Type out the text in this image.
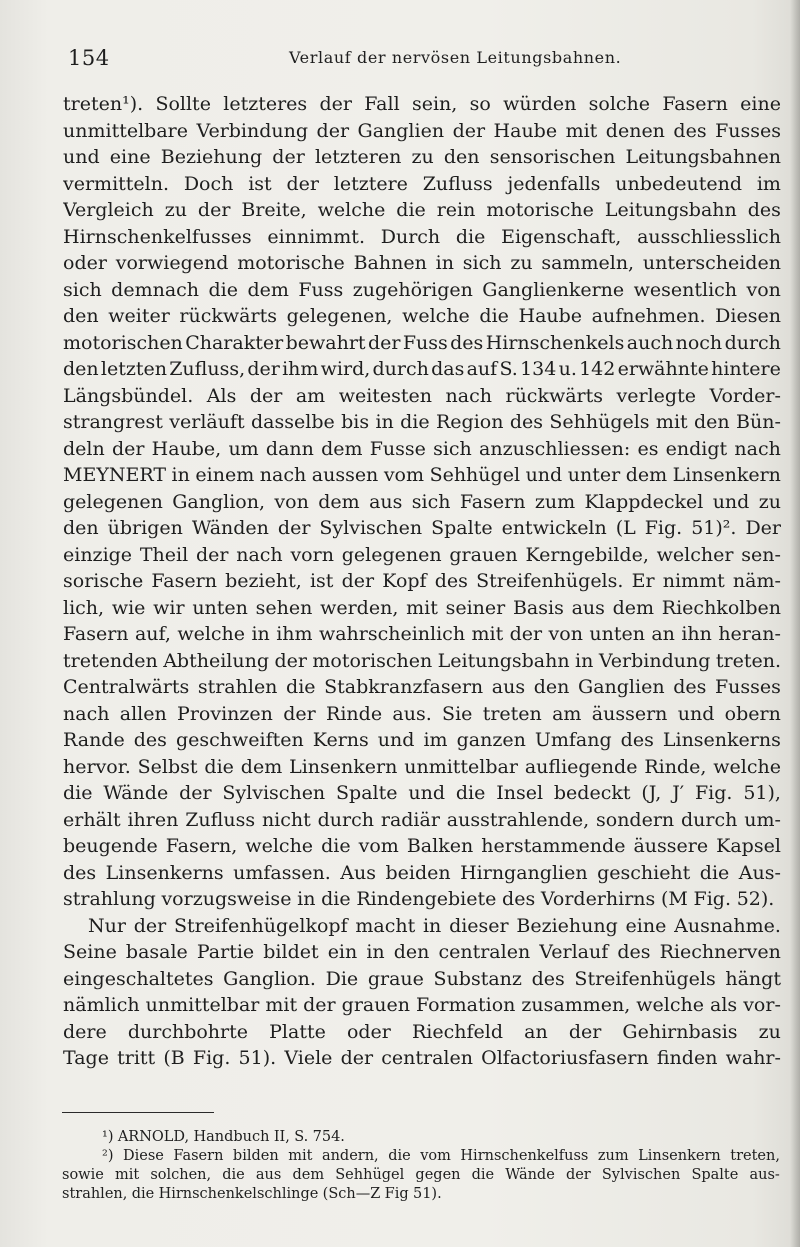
154	Verlauf der nervösen Leitungsbahnen.
treten¹). Sollte letzteres der Fall sein, so würden solche Fasern eine
unmittelbare Verbindung der Ganglien der Haube mit denen des Fusses
und eine Beziehung der letzteren zu den sensorischen Leitungsbahnen
vermitteln. Doch ist der letztere Zufluss jedenfalls unbedeutend im
Vergleich zu der Breite, welche die rein motorische Leitungsbahn des
Hirnschenkelfusses einnimmt. Durch die Eigenschaft, ausschliesslich
oder vorwiegend motorische Bahnen in sich zu sammeln, unterscheiden
sich demnach die dem Fuss zugehörigen Ganglienkerne wesentlich von
den weiter rückwärts gelegenen, welche die Haube aufnehmen. Diesen
motorischen Charakter bewahrt der Fuss des Hirnschenkels auch noch durch
den letzten Zufluss, der ihm wird, durch das auf S. 134 u. 142 erwähnte hintere
Längsbündel. Als der am weitesten nach rückwärts verlegte Vorder-
strangrest verläuft dasselbe bis in die Region des Sehhügels mit den Bün-
deln der Haube, um dann dem Fusse sich anzuschliessen: es endigt nach
MEYNERT in einem nach aussen vom Sehhügel und unter dem Linsenkern
gelegenen Ganglion, von dem aus sich Fasern zum Klappdeckel und zu
den übrigen Wänden der Sylvischen Spalte entwickeln (L Fig. 51)². Der
einzige Theil der nach vorn gelegenen grauen Kerngebilde, welcher sen-
sorische Fasern bezieht, ist der Kopf des Streifenhügels. Er nimmt näm-
lich, wie wir unten sehen werden, mit seiner Basis aus dem Riechkolben
Fasern auf, welche in ihm wahrscheinlich mit der von unten an ihn heran-
tretenden Abtheilung der motorischen Leitungsbahn in Verbindung treten.
Centralwärts strahlen die Stabkranzfasern aus den Ganglien des Fusses
nach allen Provinzen der Rinde aus. Sie treten am äussern und obern
Rande des geschweiften Kerns und im ganzen Umfang des Linsenkerns
hervor. Selbst die dem Linsenkern unmittelbar aufliegende Rinde, welche
die Wände der Sylvischen Spalte und die Insel bedeckt (J, J′ Fig. 51),
erhält ihren Zufluss nicht durch radiär ausstrahlende, sondern durch um-
beugende Fasern, welche die vom Balken herstammende äussere Kapsel
des Linsenkerns umfassen. Aus beiden Hirnganglien geschieht die Aus-
strahlung vorzugsweise in die Rindengebiete des Vorderhirns (M Fig. 52).
Nur der Streifenhügelkopf macht in dieser Beziehung eine Ausnahme.
Seine basale Partie bildet ein in den centralen Verlauf des Riechnerven
eingeschaltetes Ganglion. Die graue Substanz des Streifenhügels hängt
nämlich unmittelbar mit der grauen Formation zusammen, welche als vor-
dere durchbohrte Platte oder Riechfeld an der Gehirnbasis zu
Tage tritt (B Fig. 51). Viele der centralen Olfactoriusfasern finden wahr-
¹) ARNOLD, Handbuch II, S. 754.
²) Diese Fasern bilden mit andern, die vom Hirnschenkelfuss zum Linsenkern treten,
sowie mit solchen, die aus dem Sehhügel gegen die Wände der Sylvischen Spalte aus-
strahlen, die Hirnschenkelschlinge (Sch—Z Fig 51).
